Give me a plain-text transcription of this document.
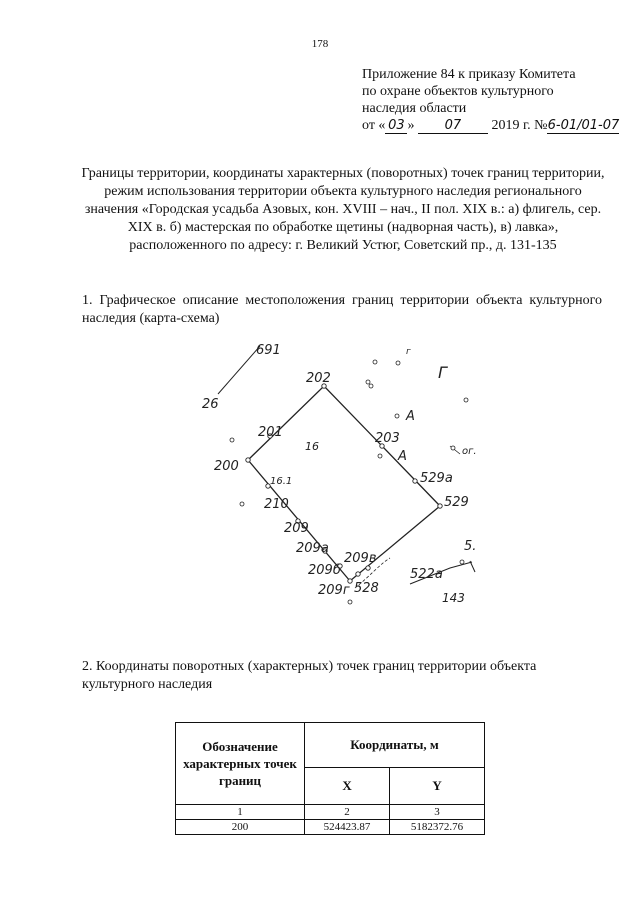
178
Приложение 84 к приказу Комитета
по охране объектов культурного
наследия области
от « 03 » 07 2019 г. №6-01/01-07
Границы территории, координаты характерных (поворотных) точек границ территории, режим использования территории объекта культурного наследия регионального значения «Городская усадьба Азовых, кон. XVIII – нач., II пол. XIX в.: а) флигель, сер. XIX в. б) мастерская по обработке щетины (надворная часть), в) лавка», расположенного по адресу: г. Великий Устюг, Советский пр., д. 131-135
1. Графическое описание местоположения границ территории объекта культурного наследия (карта-схема)
691
202
26
Г
г
A
201
16
203
A	ог.
200
16.1	529а
210	529
209
209а
209в
209б
209г 528
5.
522а
143
2. Координаты поворотных (характерных) точек границ территории объекта культурного наследия
Обозначение характерных точек границ	Координаты, м	
	X	Y
1	2	3
200	524423.87	5182372.76
